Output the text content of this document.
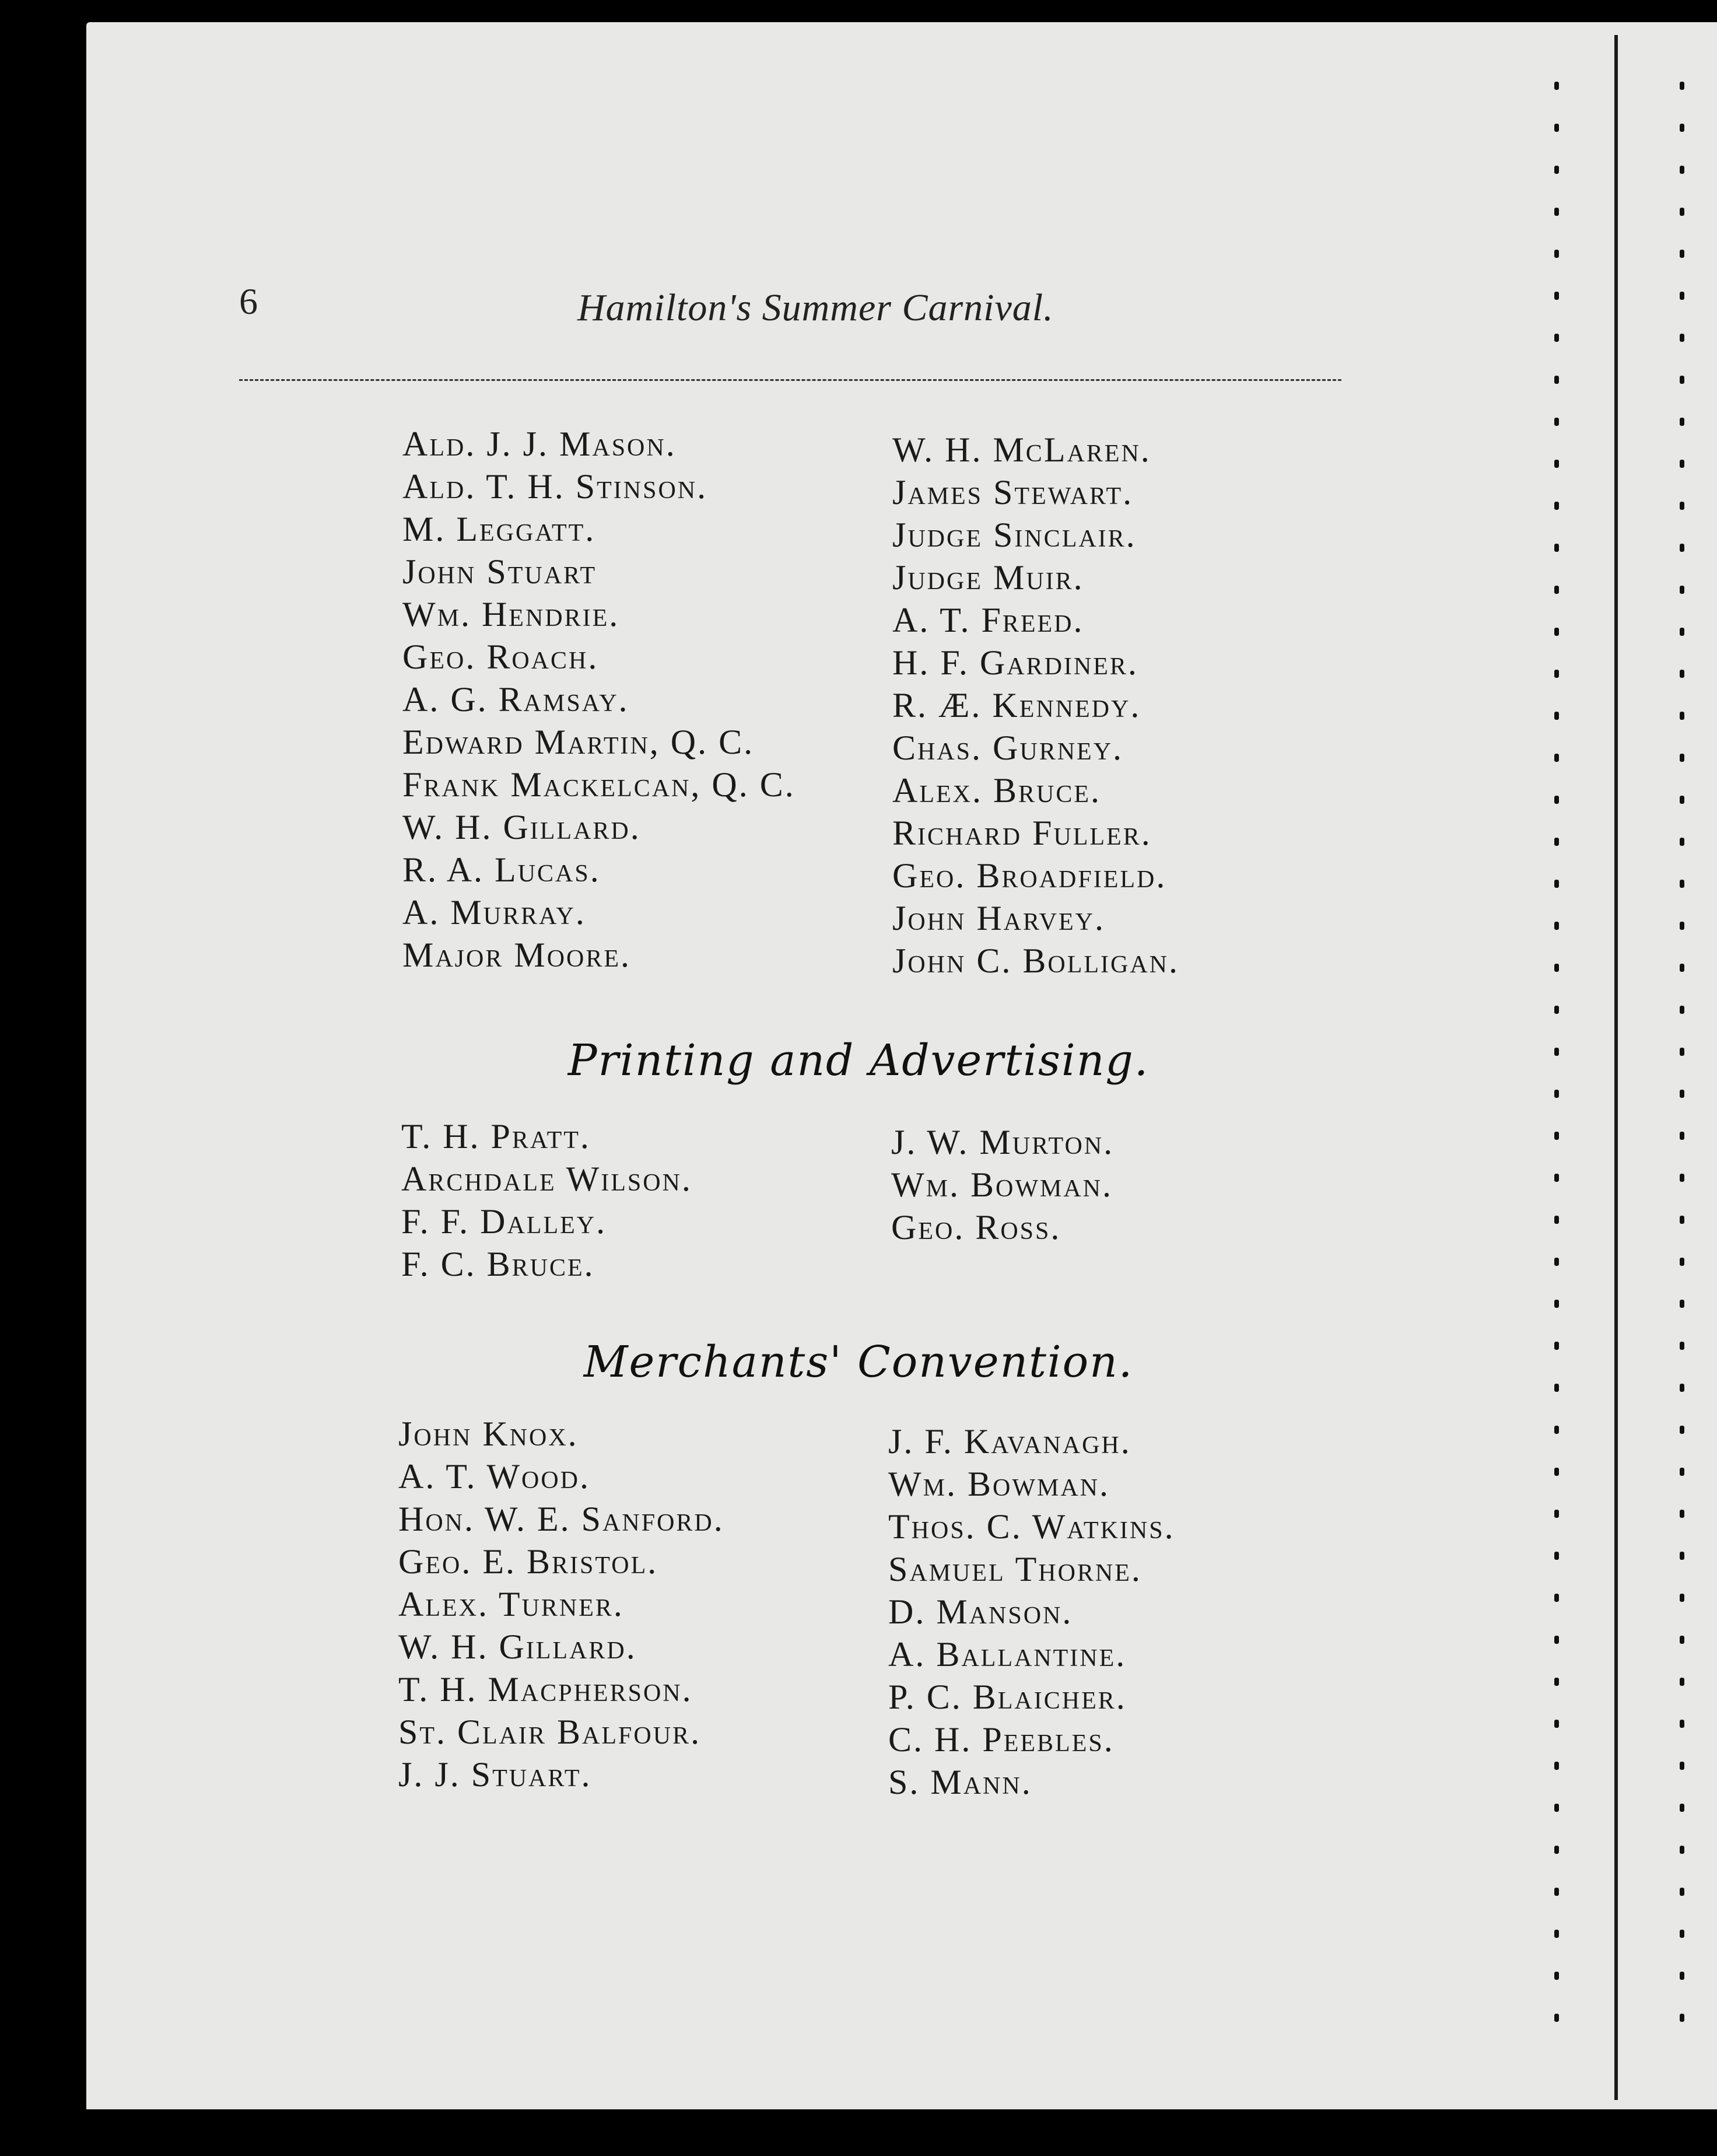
6	Hamilton's Summer Carnival.
Ald. J. J. Mason.
Ald. T. H. Stinson.
M. Leggatt.
John Stuart
Wm. Hendrie.
Geo. Roach.
A. G. Ramsay.
Edward Martin, Q. C.
Frank Mackelcan, Q. C.
W. H. Gillard.
R. A. Lucas.
A. Murray.
Major Moore.
W. H. McLaren.
James Stewart.
Judge Sinclair.
Judge Muir.
A. T. Freed.
H. F. Gardiner.
R. Æ. Kennedy.
Chas. Gurney.
Alex. Bruce.
Richard Fuller.
Geo. Broadfield.
John Harvey.
John C. Bolligan.
Printing and Advertising.
T. H. Pratt.
Archdale Wilson.
F. F. Dalley.
F. C. Bruce.
J. W. Murton.
Wm. Bowman.
Geo. Ross.
Merchants' Convention.
John Knox.
A. T. Wood.
Hon. W. E. Sanford.
Geo. E. Bristol.
Alex. Turner.
W. H. Gillard.
T. H. Macpherson.
St. Clair Balfour.
J. J. Stuart.
J. F. Kavanagh.
Wm. Bowman.
Thos. C. Watkins.
Samuel Thorne.
D. Manson.
A. Ballantine.
P. C. Blaicher.
C. H. Peebles.
S. Mann.
